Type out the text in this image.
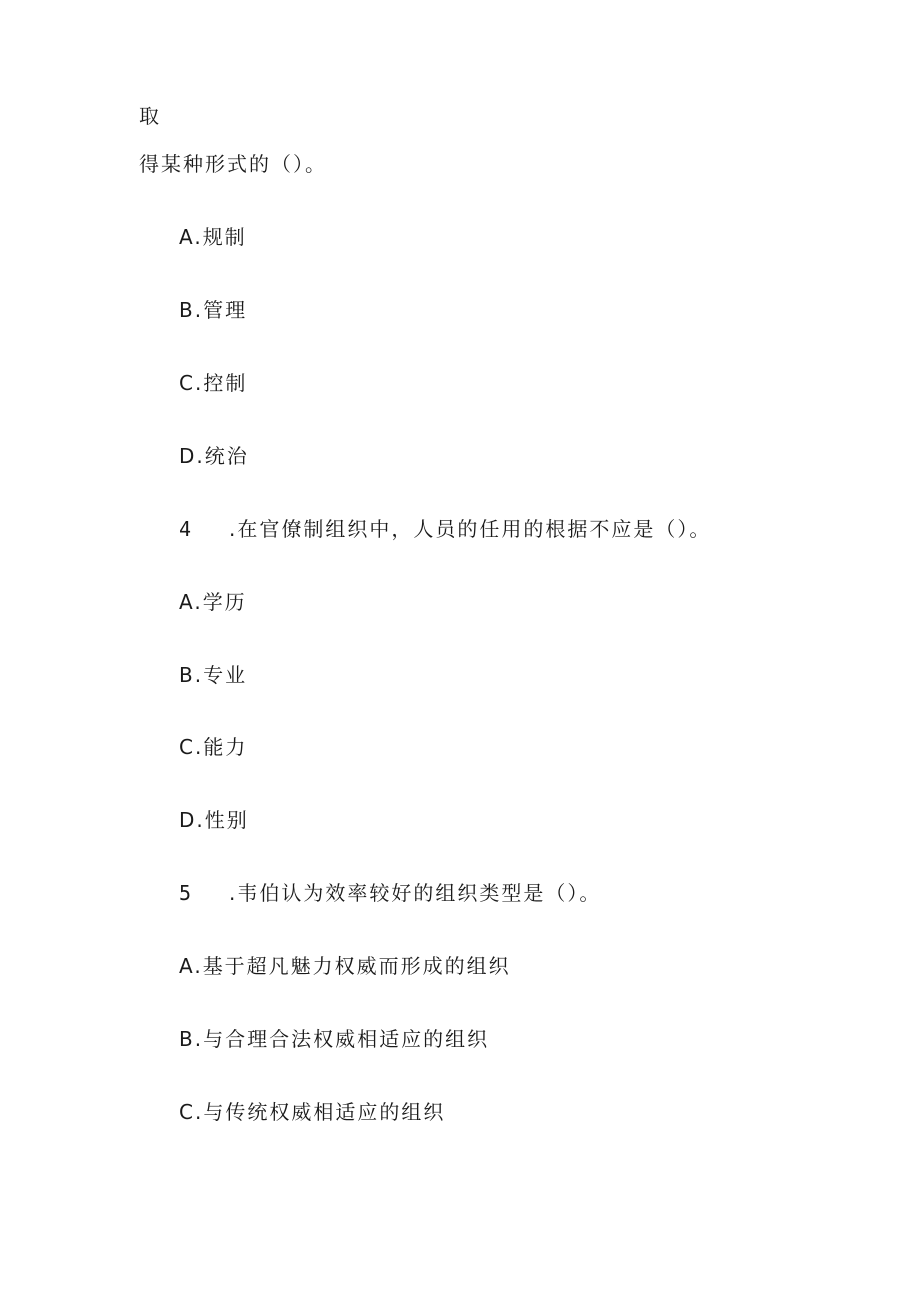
取
得某种形式的（）。
A.规制
B.管理
C.控制
D.统治
4 .在官僚制组织中，人员的任用的根据不应是（）。
A.学历
B.专业
C.能力
D.性别
5 .韦伯认为效率较好的组织类型是（）。
A.基于超凡魅力权威而形成的组织
B.与合理合法权威相适应的组织
C.与传统权威相适应的组织
